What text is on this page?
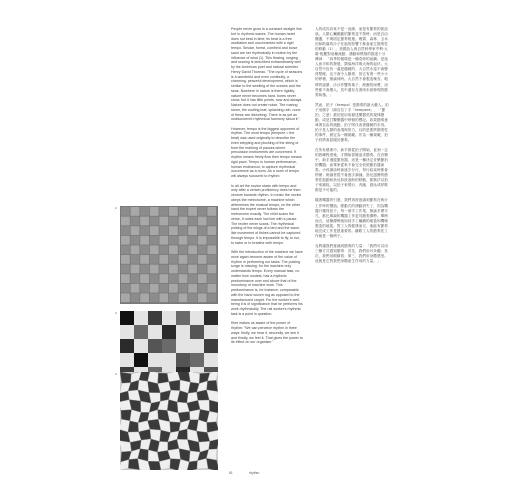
2
3
4

People never grow in a constant straight line but in rhythmic waves. The human heart does not beat in time; its beat is a free oscillation and unconnected with a rigid tempo. Smoke, forest, cornfield and loose sand are set rhythmically in motion by the influence of wind (1). This flowing, surging and soaring is described extraordinarily well by the American poet and natural scientist Henry David Thoreau: "The cycle of seasons is a wonderful and even continuity, a charming, peaceful development, which is similar to the swelling of the oceans and the seas. Nowhere in nature is there rigidity; nature never becomes hard, bores never show, but it has little points, now and always. Nature does not create noise. The roaring storm, the rustling leaf, splashing rain, none of these are disturbing. There is as yet an undiscovered rhythmical harmony about it."

However, tempo is the biggest opponent of rhythm. The word tempo (tempere = the beat) was used originally to describe the even stepping and plucking of the string or from the marking of pauses where percussion instruments are concerned. If rhythm means freely flow then tempo means rigid pace. Tempo is human performance, human endeavour, to capture rhythmical occurrence as a norm. As a norm of tempo will always succumb to rhythm.

In all art the novice starts with tempo and only after a certain proficiency does he then venture towards rhythm. In music the novice obeys the metronome, a machine which determines the musical tempo; on the other hand the expert never follows the metronome exactly. The child scans the verse, it notes each low line with a pause. The reciter never scans. The rhythmical pulsing of the wings of a bird and the wave-like movement of fishes cannot be captured through tempo. It is impossible to fly, to run, to swim or to breathe with tempo.

With the introduction of the machine we have once again become aware of the value of rhythm in performing our tasks. The pulsing surge is missing, for the machine only understands tempo. Every manual task, no matter how modest, has a rhythmic predominance over and above that of the monotony of machine work. This predominance is, for instance, comparable with the hand woven rug as opposed to the manufactured carpet. For the worker's well-being it is of significance that he performs his work rhythmically. The rail worker's rhythmic task is a point in question.

Klee makes us aware of the power of rhythm: "We can perceive rhythm in three ways: firstly, we hear it, secondly, we see it and thirdly, we feel it. That gives the power to its effect on our organism."

人的成長向來不是一直線，而是有節奏的波浪狀。人類心臟跳動的節奏並不按時，而是自由擺盪，不與固定節奏相連。煙霧、森林、玉米田和散落的沙子在風的影響下都會產生節奏性的移動（1）。美國詩人與自然科學家亨利·大衛·梭羅對這種流動、湧動和飛翔的描述十分傳神：「四季的循環是一種奇妙的延續，是迷人而平和的發展，類似海洋與大海的起伏。大自然中沒有一處是僵硬的；大自然永遠不會變得堅硬，也不會令人厭煩，但它有著一些小小的停頓，無論何時。大自然不會製造噪音。咆哮的風暴、沙沙作響的葉子、淅瀝的雨聲，這些都不會擾人。其中還存在著尚未被發現的節奏和諧。」

然而，拍子（tempo）是節奏的最大敵人。拍子這個字（源自拉丁字「tempere」，「節拍」之意）最初是用來描述樂器弦的規律撥動，或是打擊樂器中停頓的標記。如果節奏意味著自由的流動，拍子則代表著僵硬的步伐。拍子是人類的表現與努力，目的是要將節奏性的事件，固定為一種規範。作為一種規範，拍子終將會屈服於節奏。

在所有藝術中，新手都從拍子開始，直到一定的熟練程度後，才開始冒險追求節奏。在音樂中，新手遵從節拍器，這是一種決定音樂節拍的機器；而專家從來不會完全依照節拍器演奏。小孩讀詩時會逐字分行，每行結束時都會停頓；朗誦者從不會逐字讀誦。鳥兒翅膀的節奏性振動和魚兒如波浪般的移動，都無法以拍子來捕捉。以拍子來飛行、奔跑、游泳或呼吸都是不可能的。

隨著機器的引進，我們再度意識到節奏在執行工作時的價值。脈動式的湧動消失了，因為機器只懂得拍子。每一項手工作業，無論多麼平凡，都比單調的機器工作更具節奏優勢。舉例而言，這種優勢就如同手工編織的地毯和機械製造的地毯。對工人的健康而言，他能有節奏地完成工作是很重要的。鐵路工人的節奏性工作就是一個例子。

克利讓我們意識到節奏的力量：「我們可以用三種方式感知節奏：首先，我們用耳朵聽；其次，我們用眼睛看；第三，我們用身體感受。這就是它對我們身體產生作用的力量。」

61	rhythm
